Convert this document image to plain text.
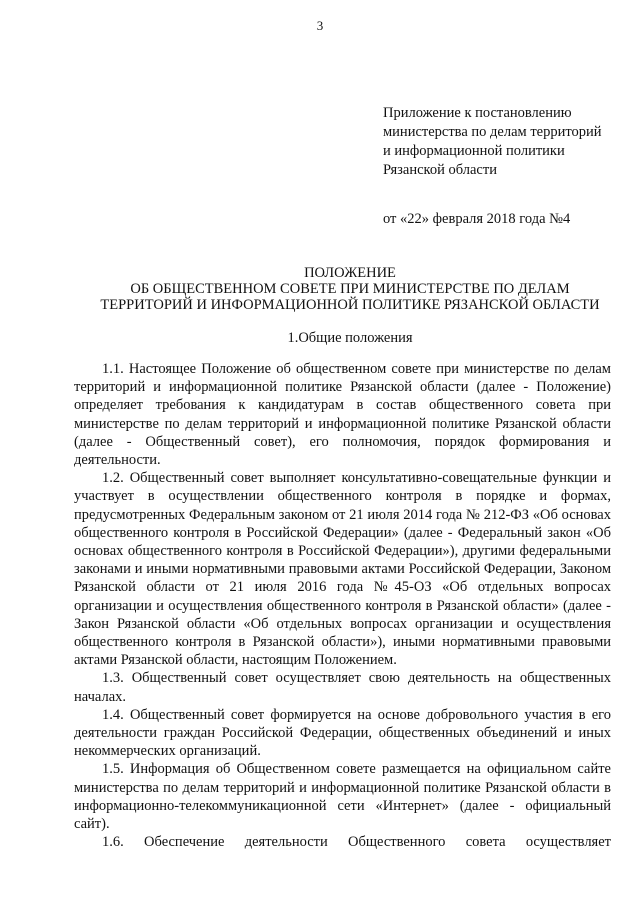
3
Приложение к постановлению
министерства по делам территорий
и информационной политики
Рязанской области
от «22» февраля 2018 года №4
ПОЛОЖЕНИЕ
ОБ ОБЩЕСТВЕННОМ СОВЕТЕ ПРИ МИНИСТЕРСТВЕ ПО ДЕЛАМ
ТЕРРИТОРИЙ И ИНФОРМАЦИОННОЙ ПОЛИТИКЕ РЯЗАНСКОЙ ОБЛАСТИ
1.Общие положения

1.1. Настоящее Положение об общественном совете при министерстве по делам территорий и информационной политике Рязанской области (далее - Положение) определяет требования к кандидатурам в состав общественного совета при министерстве по делам территорий и информационной политике Рязанской области (далее - Общественный совет), его полномочия, порядок формирования и деятельности.

1.2. Общественный совет выполняет консультативно-совещательные функции и участвует в осуществлении общественного контроля в порядке и формах, предусмотренных Федеральным законом от 21 июля 2014 года № 212-ФЗ «Об основах общественного контроля в Российской Федерации» (далее - Федеральный закон «Об основах общественного контроля в Российской Федерации»), другими федеральными законами и иными нормативными правовыми актами Российской Федерации, Законом Рязанской области от 21 июля 2016 года №45-ОЗ «Об отдельных вопросах организации и осуществления общественного контроля в Рязанской области» (далее - Закон Рязанской области «Об отдельных вопросах организации и осуществления общественного контроля в Рязанской области»), иными нормативными правовыми актами Рязанской области, настоящим Положением.

1.3. Общественный совет осуществляет свою деятельность на общественных началах.

1.4. Общественный совет формируется на основе добровольного участия в его деятельности граждан Российской Федерации, общественных объединений и иных некоммерческих организаций.

1.5. Информация об Общественном совете размещается на официальном сайте министерства по делам территорий и информационной политике Рязанской области в информационно-телекоммуникационной сети «Интернет» (далее - официальный сайт).

1.6. Обеспечение деятельности Общественного совета осуществляет
